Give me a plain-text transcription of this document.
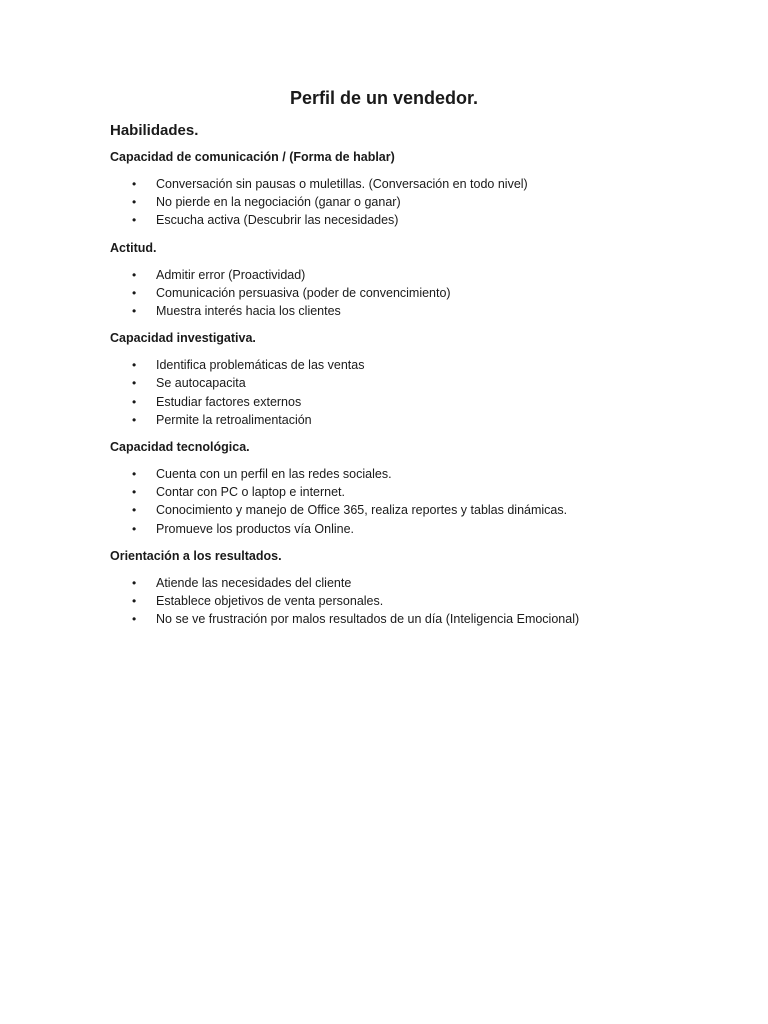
Perfil de un vendedor.
Habilidades.
Capacidad de comunicación / (Forma de hablar)
• Conversación sin pausas o muletillas. (Conversación en todo nivel)
• No pierde en la negociación (ganar o ganar)
• Escucha activa (Descubrir las necesidades)
Actitud.
• Admitir error (Proactividad)
• Comunicación persuasiva (poder de convencimiento)
• Muestra interés hacia los clientes
Capacidad investigativa.
• Identifica problemáticas de las ventas
• Se autocapacita
• Estudiar factores externos
• Permite la retroalimentación
Capacidad tecnológica.
• Cuenta con un perfil en las redes sociales.
• Contar con PC o laptop e internet.
• Conocimiento y manejo de Office 365, realiza reportes y tablas dinámicas.
• Promueve los productos vía Online.
Orientación a los resultados.
• Atiende las necesidades del cliente
• Establece objetivos de venta personales.
• No se ve frustración por malos resultados de un día (Inteligencia Emocional)
